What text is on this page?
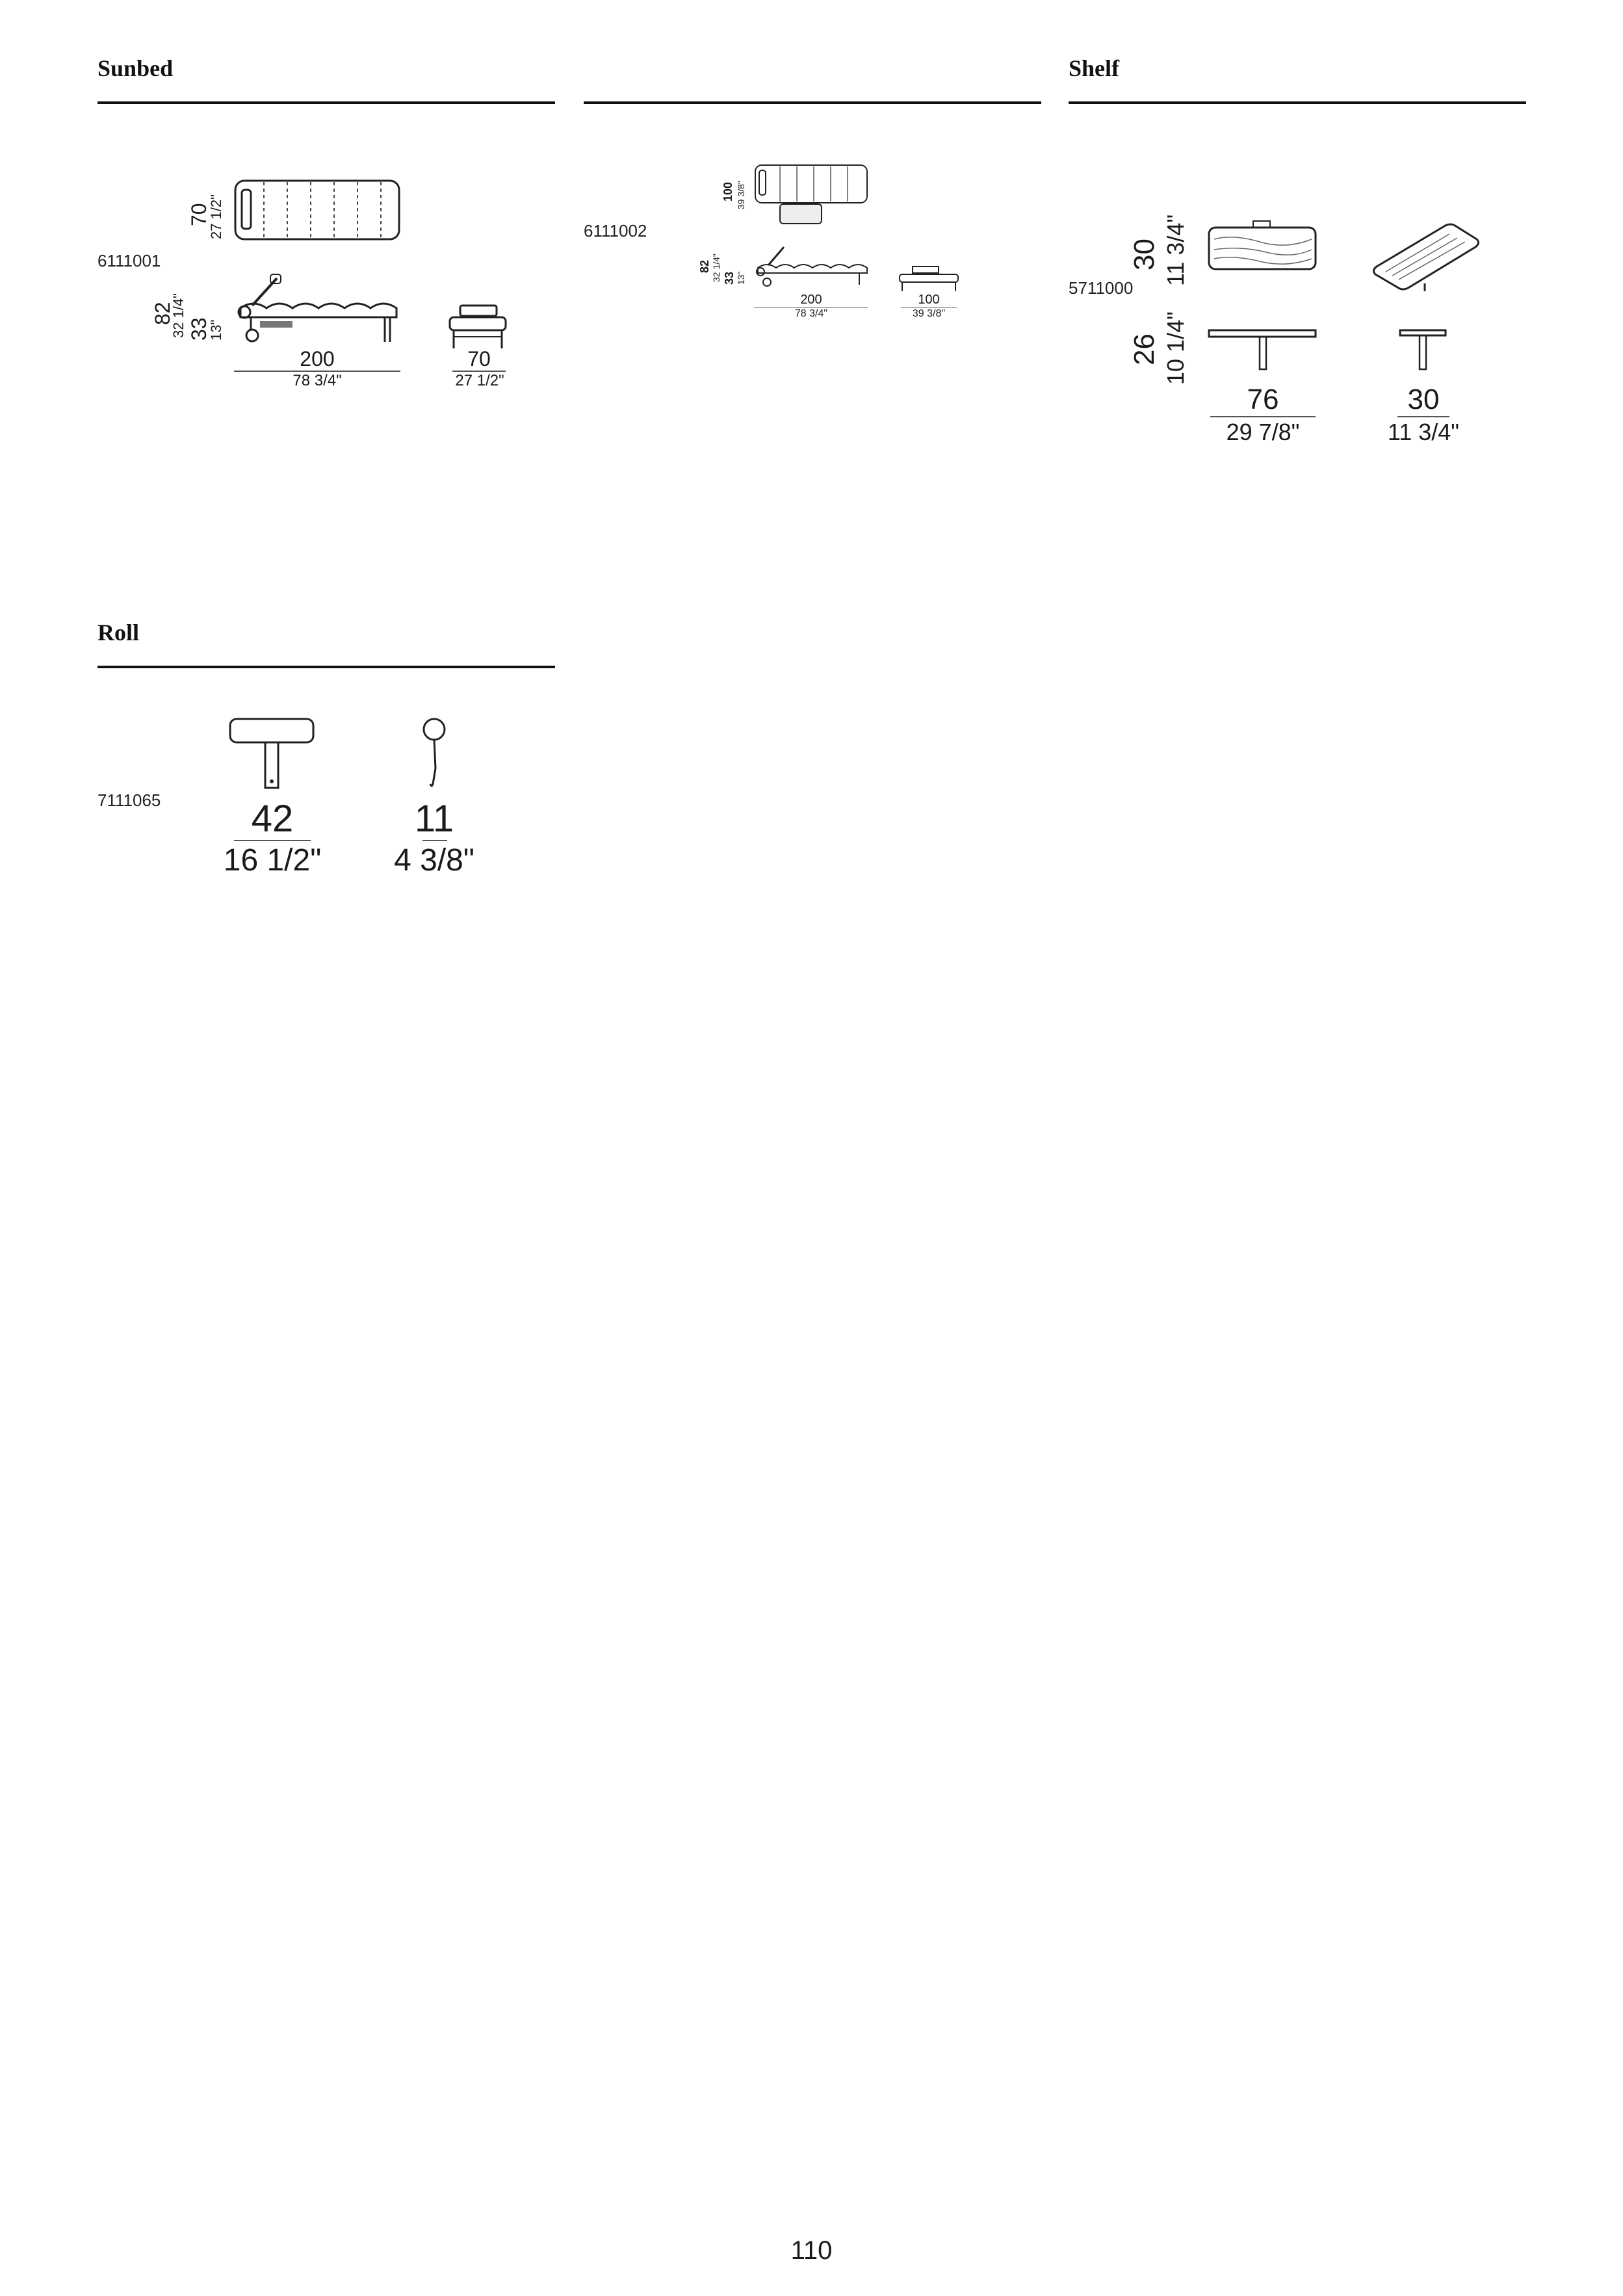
Sunbed
6111001
70
27 1/2"
82
32 1/4" 33
13"
200
78 3/4"
70
27 1/2"
6111002
100 39 3/8"
82 32 1/4" 33 13"
200
78 3/4"
100
39 3/8"
Shelf
5711000
30 11 3/4"
26 10 1/4"
76
29 7/8"
30
11 3/4"
Roll
7111065	42
16 1/2"
11
4 3/8"
110
